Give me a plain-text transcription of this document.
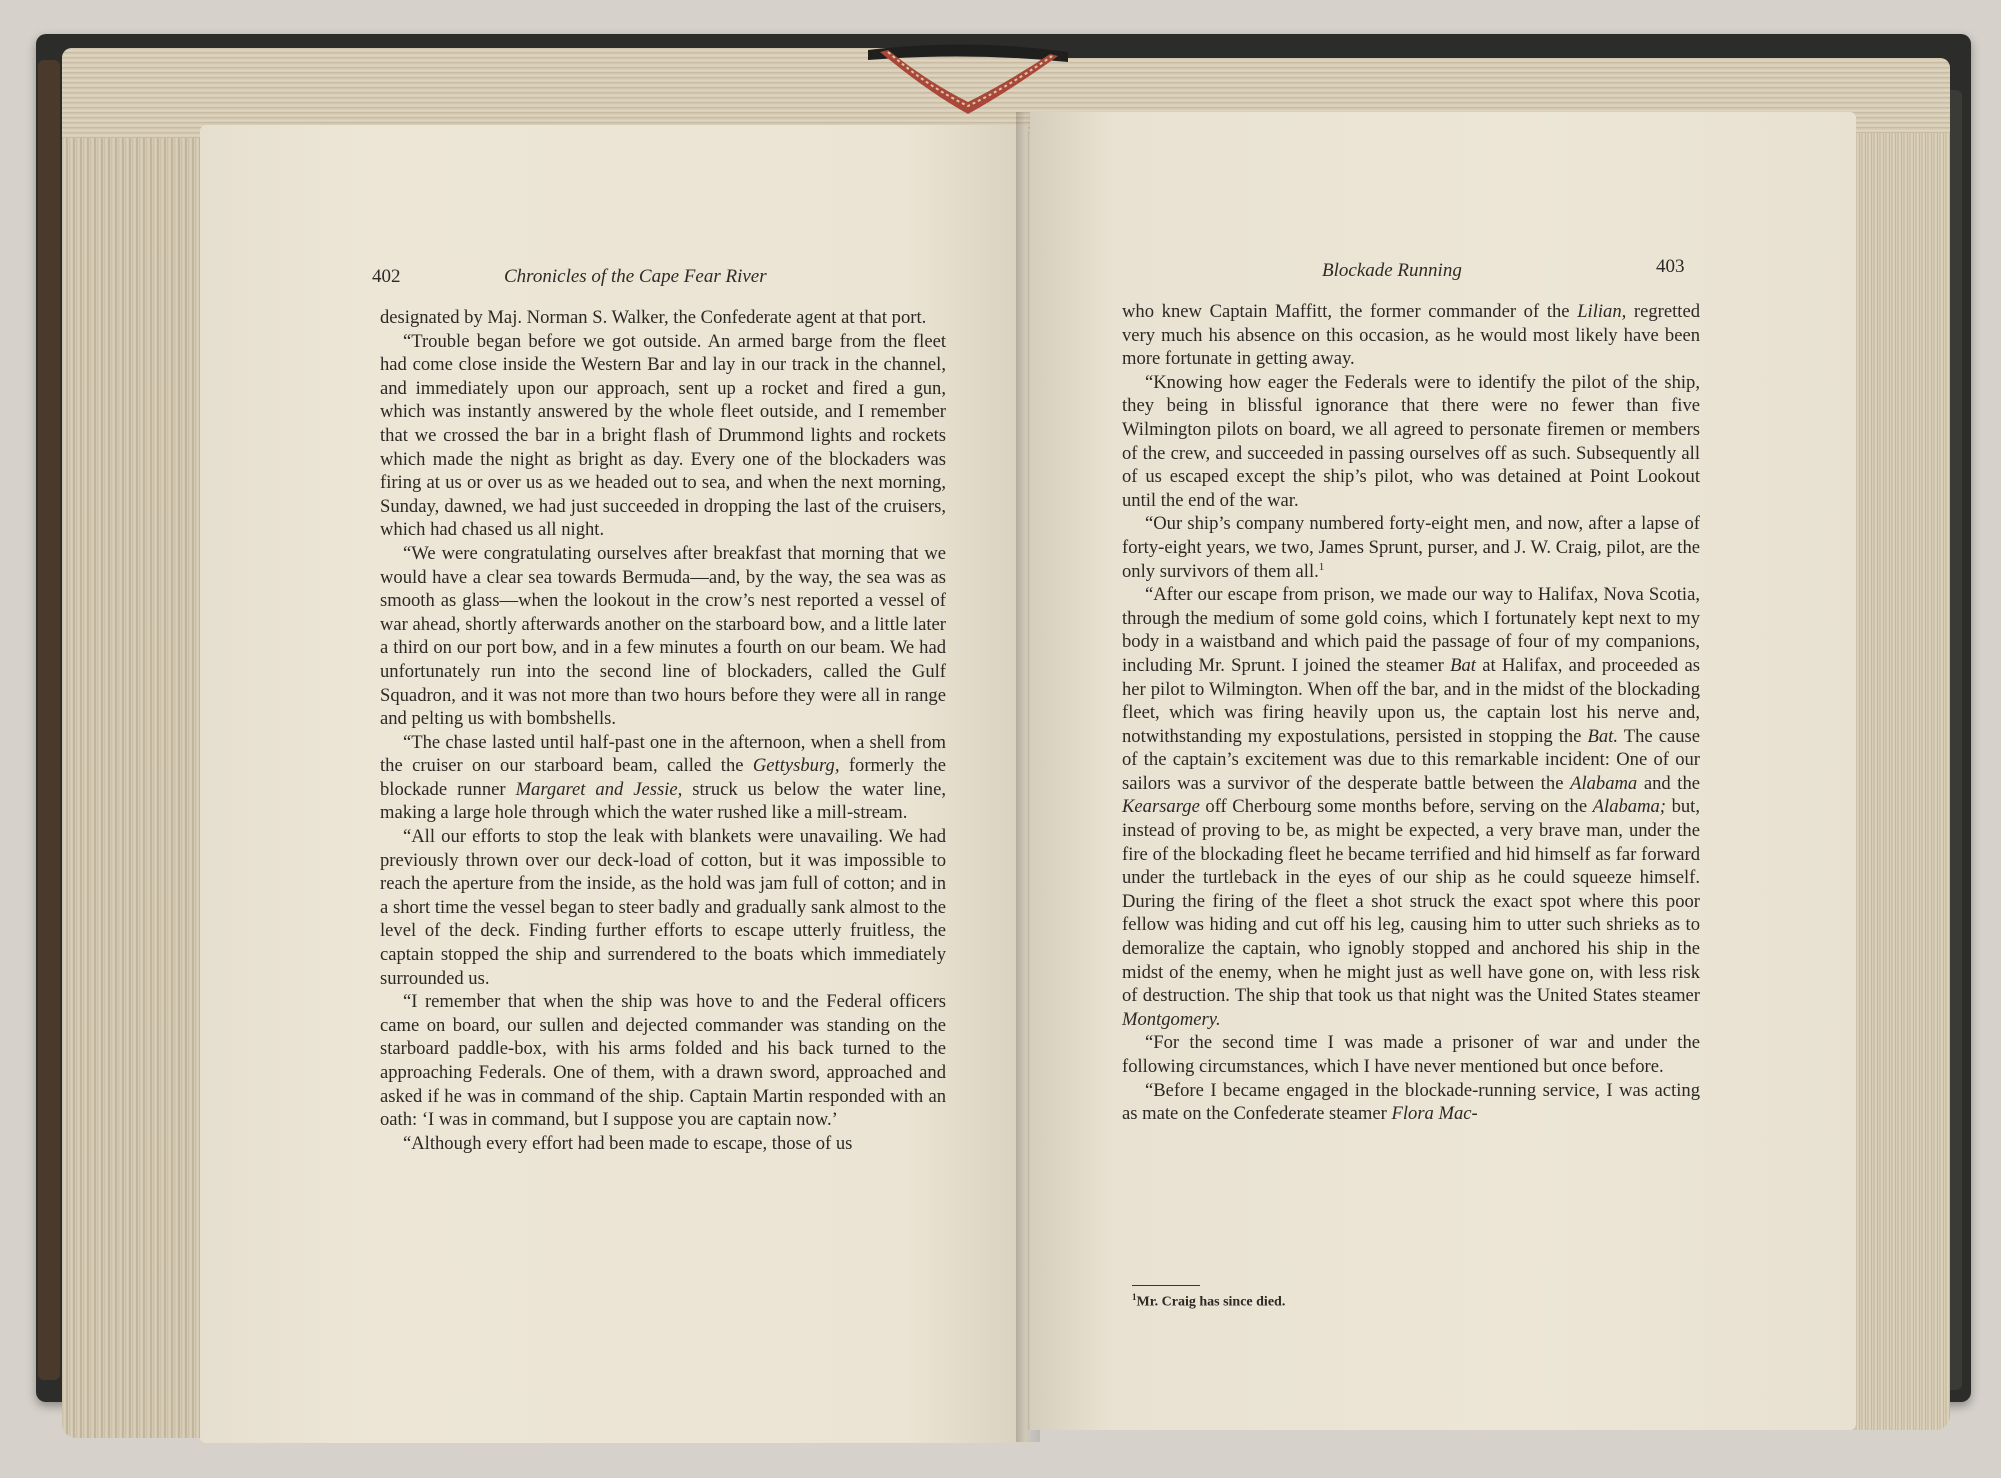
402	Chronicles of the Cape Fear River

designated by Maj. Norman S. Walker, the Confederate agent at that port.

“Trouble began before we got outside. An armed barge from the fleet had come close inside the Western Bar and lay in our track in the channel, and immediately upon our approach, sent up a rocket and fired a gun, which was instantly answered by the whole fleet outside, and I remember that we crossed the bar in a bright flash of Drummond lights and rockets which made the night as bright as day. Every one of the blockaders was firing at us or over us as we headed out to sea, and when the next morning, Sunday, dawned, we had just succeeded in dropping the last of the cruisers, which had chased us all night.

“We were congratulating ourselves after breakfast that morning that we would have a clear sea towards Bermuda—and, by the way, the sea was as smooth as glass—when the lookout in the crow’s nest reported a vessel of war ahead, shortly afterwards another on the starboard bow, and a little later a third on our port bow, and in a few minutes a fourth on our beam. We had unfortunately run into the second line of blockaders, called the Gulf Squadron, and it was not more than two hours before they were all in range and pelting us with bombshells.

“The chase lasted until half-past one in the afternoon, when a shell from the cruiser on our starboard beam, called the Gettysburg, formerly the blockade runner Margaret and Jessie, struck us below the water line, making a large hole through which the water rushed like a mill-stream.

“All our efforts to stop the leak with blankets were unavailing. We had previously thrown over our deck-load of cotton, but it was impossible to reach the aperture from the inside, as the hold was jam full of cotton; and in a short time the vessel began to steer badly and gradually sank almost to the level of the deck. Finding further efforts to escape utterly fruitless, the captain stopped the ship and surrendered to the boats which immediately surrounded us.

“I remember that when the ship was hove to and the Federal officers came on board, our sullen and dejected commander was standing on the starboard paddle-box, with his arms folded and his back turned to the approaching Federals. One of them, with a drawn sword, approached and asked if he was in command of the ship. Captain Martin responded with an oath: ‘I was in command, but I suppose you are captain now.’

“Although every effort had been made to escape, those of us

Blockade Running	403

who knew Captain Maffitt, the former commander of the Lilian, regretted very much his absence on this occasion, as he would most likely have been more fortunate in getting away.

“Knowing how eager the Federals were to identify the pilot of the ship, they being in blissful ignorance that there were no fewer than five Wilmington pilots on board, we all agreed to personate firemen or members of the crew, and succeeded in passing ourselves off as such. Subsequently all of us escaped except the ship’s pilot, who was detained at Point Lookout until the end of the war.

“Our ship’s company numbered forty-eight men, and now, after a lapse of forty-eight years, we two, James Sprunt, purser, and J. W. Craig, pilot, are the only survivors of them all.$^1$

“After our escape from prison, we made our way to Halifax, Nova Scotia, through the medium of some gold coins, which I fortunately kept next to my body in a waistband and which paid the passage of four of my companions, including Mr. Sprunt. I joined the steamer Bat at Halifax, and proceeded as her pilot to Wilmington. When off the bar, and in the midst of the blockading fleet, which was firing heavily upon us, the captain lost his nerve and, notwithstanding my expostulations, persisted in stopping the Bat. The cause of the captain’s excitement was due to this remarkable incident: One of our sailors was a survivor of the desperate battle between the Alabama and the Kearsarge off Cherbourg some months before, serving on the Alabama; but, instead of proving to be, as might be expected, a very brave man, under the fire of the blockading fleet he became terrified and hid himself as far forward under the turtleback in the eyes of our ship as he could squeeze himself. During the firing of the fleet a shot struck the exact spot where this poor fellow was hiding and cut off his leg, causing him to utter such shrieks as to demoralize the captain, who ignobly stopped and anchored his ship in the midst of the enemy, when he might just as well have gone on, with less risk of destruction. The ship that took us that night was the United States steamer Montgomery.

“For the second time I was made a prisoner of war and under the following circumstances, which I have never mentioned but once before.

“Before I became engaged in the blockade-running service, I was acting as mate on the Confederate steamer Flora Mac-

$^1$Mr. Craig has since died.
